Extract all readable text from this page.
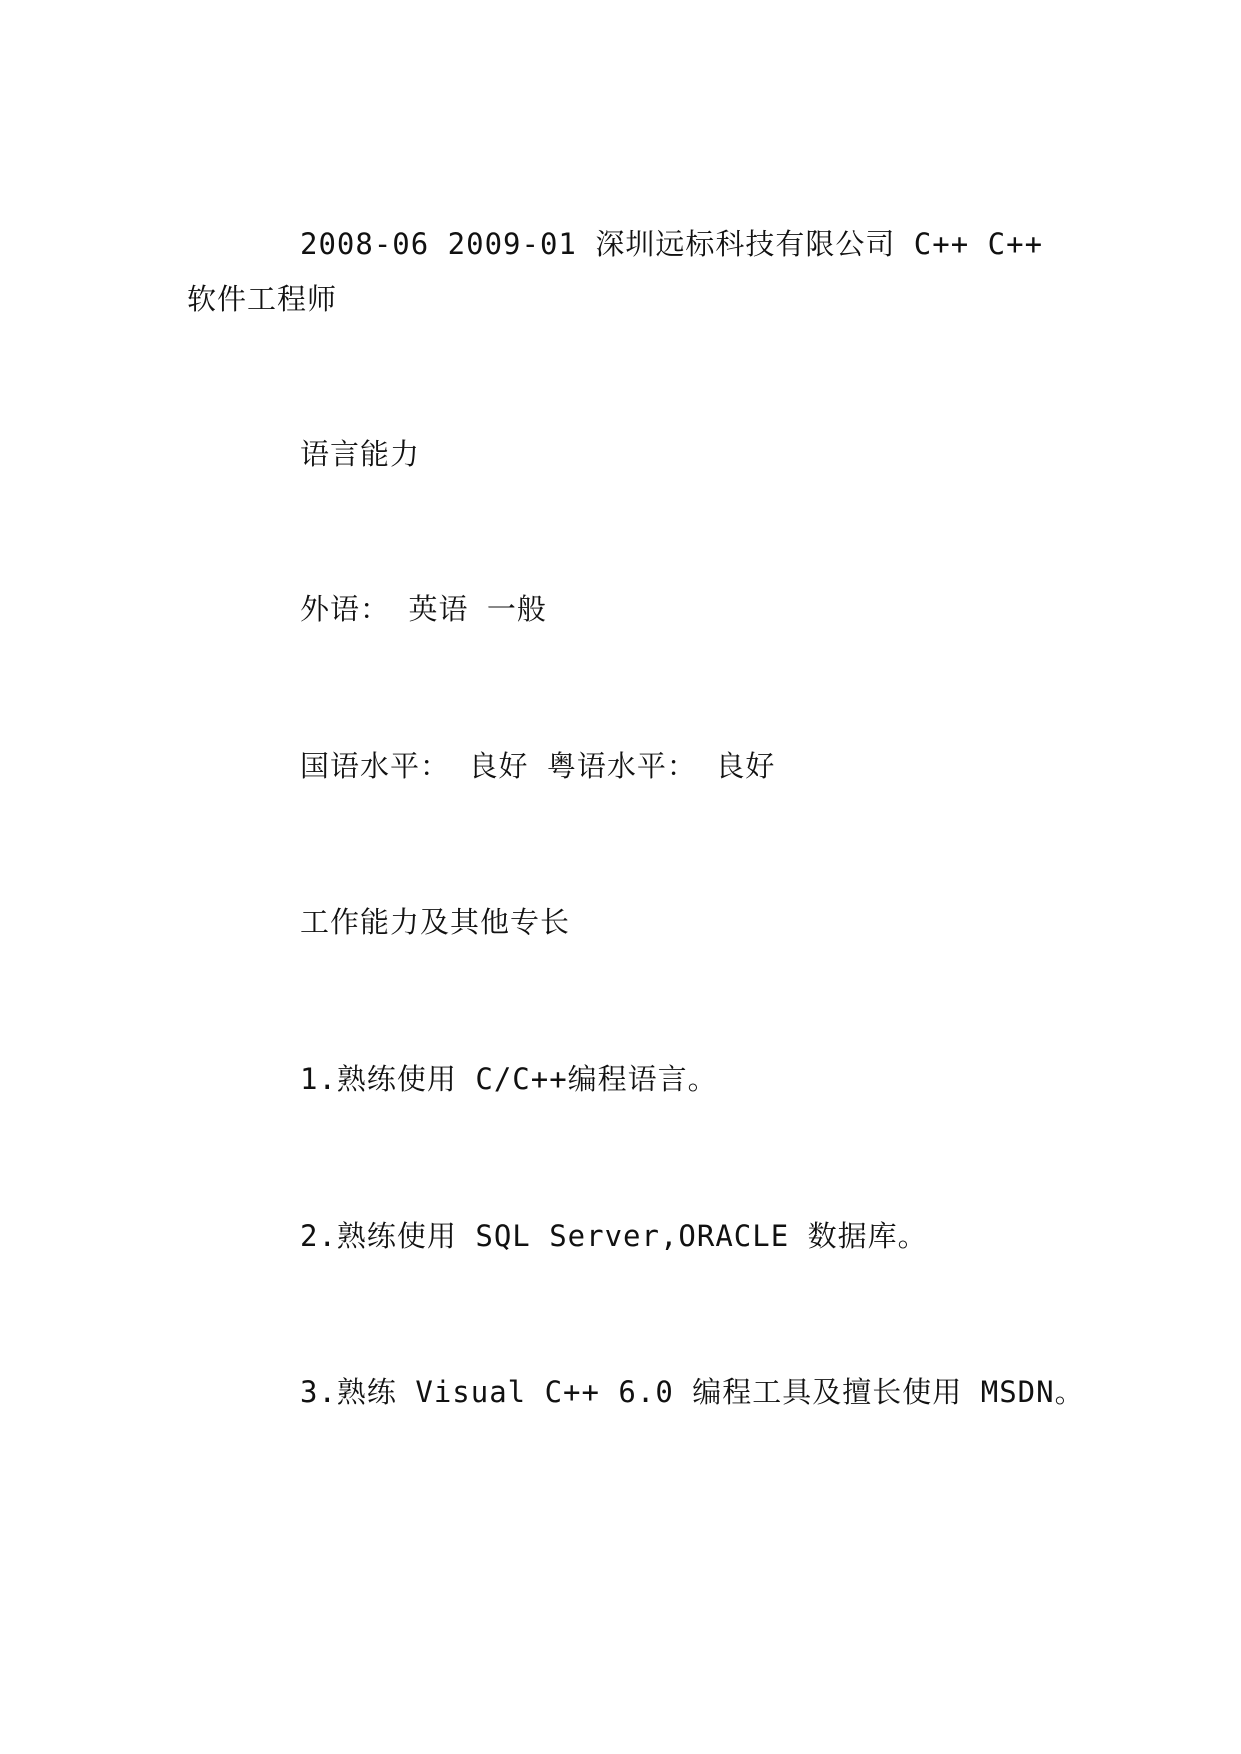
2008-06 2009-01 深圳远标科技有限公司 C++ C++
软件工程师
语言能力
外语： 英语 一般
国语水平： 良好 粤语水平： 良好
工作能力及其他专长
1.熟练使用 C/C++编程语言。
2.熟练使用 SQL Server,ORACLE 数据库。
3.熟练 Visual C++ 6.0 编程工具及擅长使用 MSDN。
